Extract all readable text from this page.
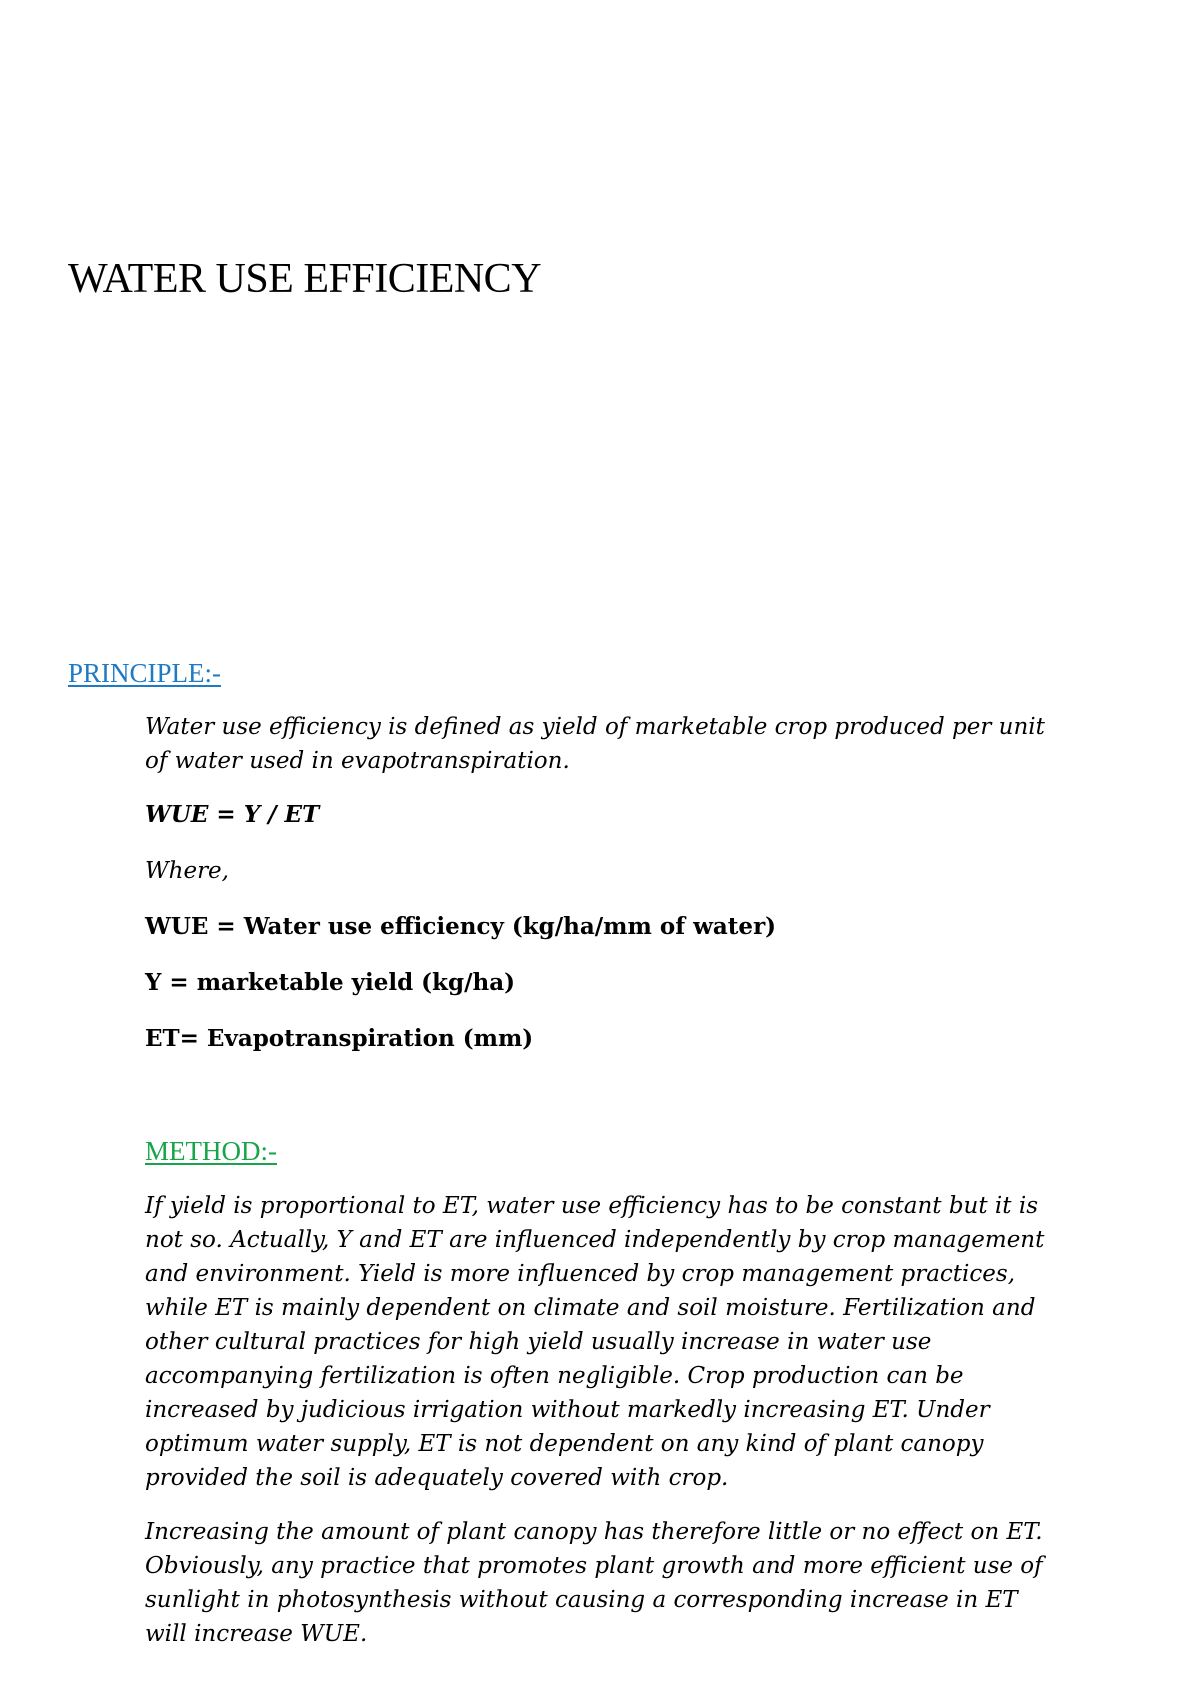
WATER USE EFFICIENCY
PRINCIPLE:-

Water use efficiency is defined as yield of marketable crop produced per unit of water used in evapotranspiration.

WUE = Y / ET

Where,

WUE = Water use efficiency (kg/ha/mm of water)

Y = marketable yield (kg/ha)

ET= Evapotranspiration (mm)

METHOD:-

If yield is proportional to ET, water use efficiency has to be constant but it is not so. Actually, Y and ET are influenced independently by crop management and environment. Yield is more influenced by crop management practices, while ET is mainly dependent on climate and soil moisture. Fertilization and other cultural practices for high yield usually increase in water use accompanying fertilization is often negligible. Crop production can be increased by judicious irrigation without markedly increasing ET. Under optimum water supply, ET is not dependent on any kind of plant canopy provided the soil is adequately covered with crop.

Increasing the amount of plant canopy has therefore little or no effect on ET. Obviously, any practice that promotes plant growth and more efficient use of sunlight in photosynthesis without causing a corresponding increase in ET will increase WUE.
